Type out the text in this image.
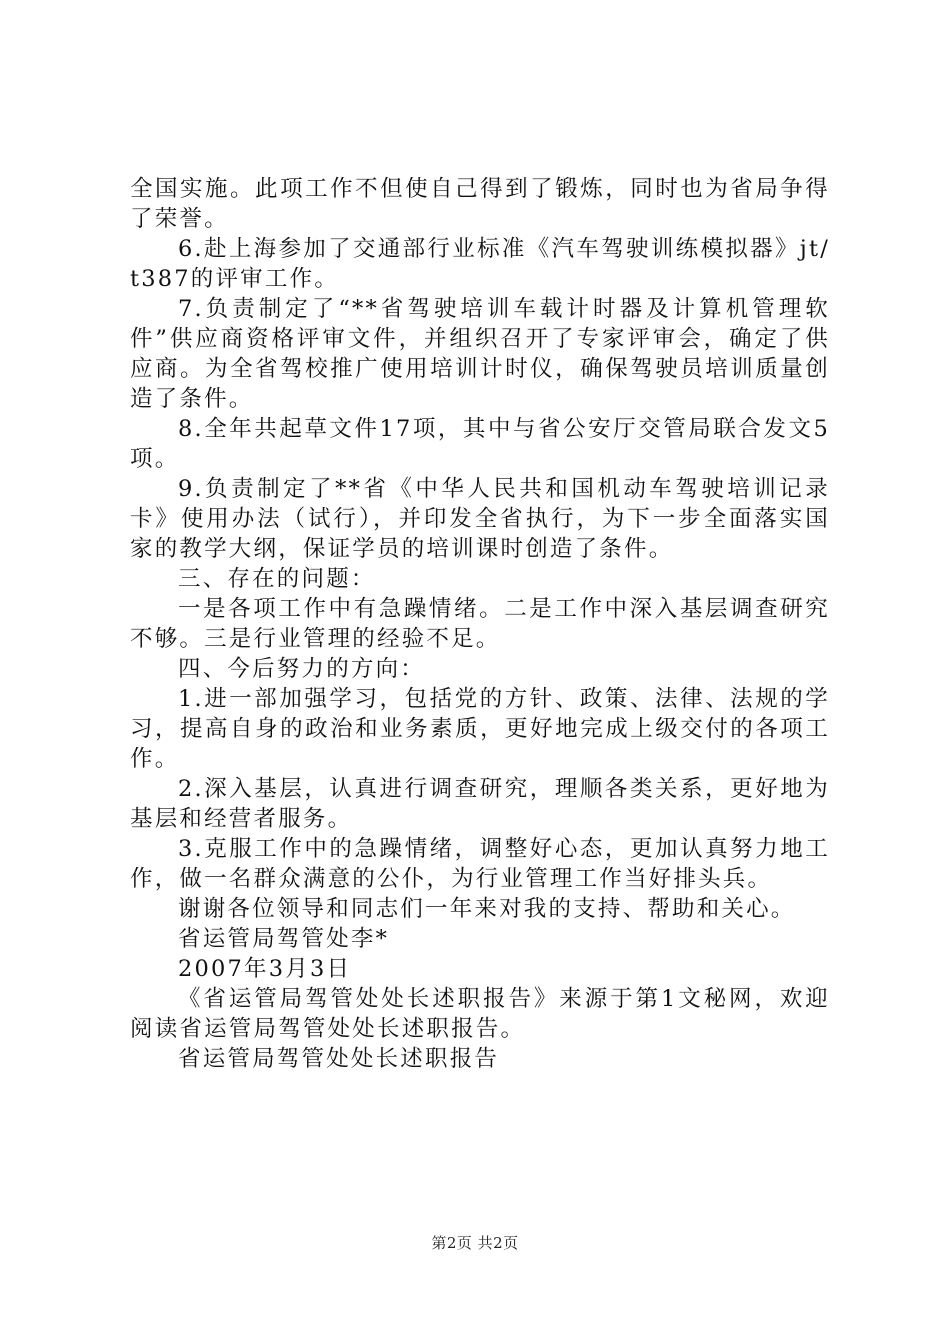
全国实施。此项工作不但使自己得到了锻炼，同时也为省局争得了荣誉。

6.赴上海参加了交通部行业标准《汽车驾驶训练模拟器》jt/t387的评审工作。

7.负责制定了“**省驾驶培训车载计时器及计算机管理软件”供应商资格评审文件，并组织召开了专家评审会，确定了供应商。为全省驾校推广使用培训计时仪，确保驾驶员培训质量创造了条件。

8.全年共起草文件17项，其中与省公安厅交管局联合发文5项。

9.负责制定了**省《中华人民共和国机动车驾驶培训记录卡》使用办法（试行），并印发全省执行，为下一步全面落实国家的教学大纲，保证学员的培训课时创造了条件。

三、存在的问题：

一是各项工作中有急躁情绪。二是工作中深入基层调查研究不够。三是行业管理的经验不足。

四、今后努力的方向：

1.进一部加强学习，包括党的方针、政策、法律、法规的学习，提高自身的政治和业务素质，更好地完成上级交付的各项工作。

2.深入基层，认真进行调查研究，理顺各类关系，更好地为基层和经营者服务。

3.克服工作中的急躁情绪，调整好心态，更加认真努力地工作，做一名群众满意的公仆，为行业管理工作当好排头兵。

谢谢各位领导和同志们一年来对我的支持、帮助和关心。

省运管局驾管处李*

2007年3月3日

《省运管局驾管处处长述职报告》来源于第1文秘网，欢迎阅读省运管局驾管处处长述职报告。

省运管局驾管处处长述职报告

第2页 共2页
